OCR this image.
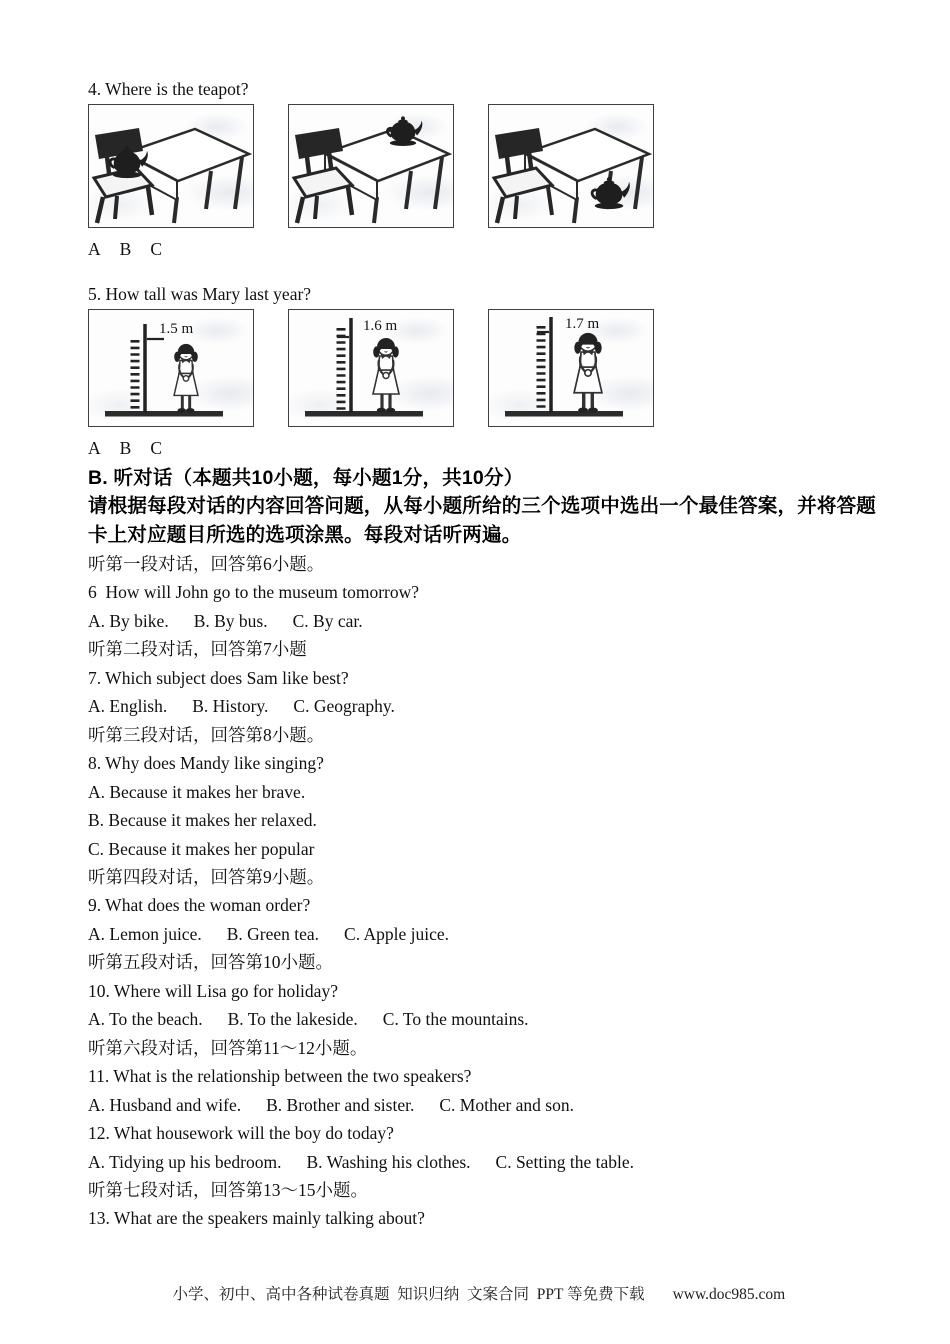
4. Where is the teapot?
A B C
5. How tall was Mary last year?
1.5 m	1.6 m	1.7 m
A B C
B. 听对话（本题共10小题，每小题1分，共10分）
请根据每段对话的内容回答问题，从每小题所给的三个选项中选出一个最佳答案，并将答题
卡上对应题目所选的选项涂黑。每段对话听两遍。
听第一段对话，回答第6小题。
6  How will John go to the museum tomorrow?
A. By bike. B. By bus. C. By car.
听第二段对话，回答第7小题
7. Which subject does Sam like best?
A. English. B. History. C. Geography.
听第三段对话，回答第8小题。
8. Why does Mandy like singing?
A. Because it makes her brave.
B. Because it makes her relaxed.
C. Because it makes her popular
听第四段对话，回答第9小题。
9. What does the woman order?
A. Lemon juice. B. Green tea. C. Apple juice.
听第五段对话，回答第10小题。
10. Where will Lisa go for holiday?
A. To the beach. B. To the lakeside. C. To the mountains.
听第六段对话，回答第11～12小题。
11. What is the relationship between the two speakers?
A. Husband and wife. B. Brother and sister. C. Mother and son.
12. What housework will the boy do today?
A. Tidying up his bedroom. B. Washing his clothes. C. Setting the table.
听第七段对话，回答第13～15小题。
13. What are the speakers mainly talking about?

小学、初中、高中各种试卷真题  知识归纳  文案合同  PPT 等免费下载 www.doc985.com
